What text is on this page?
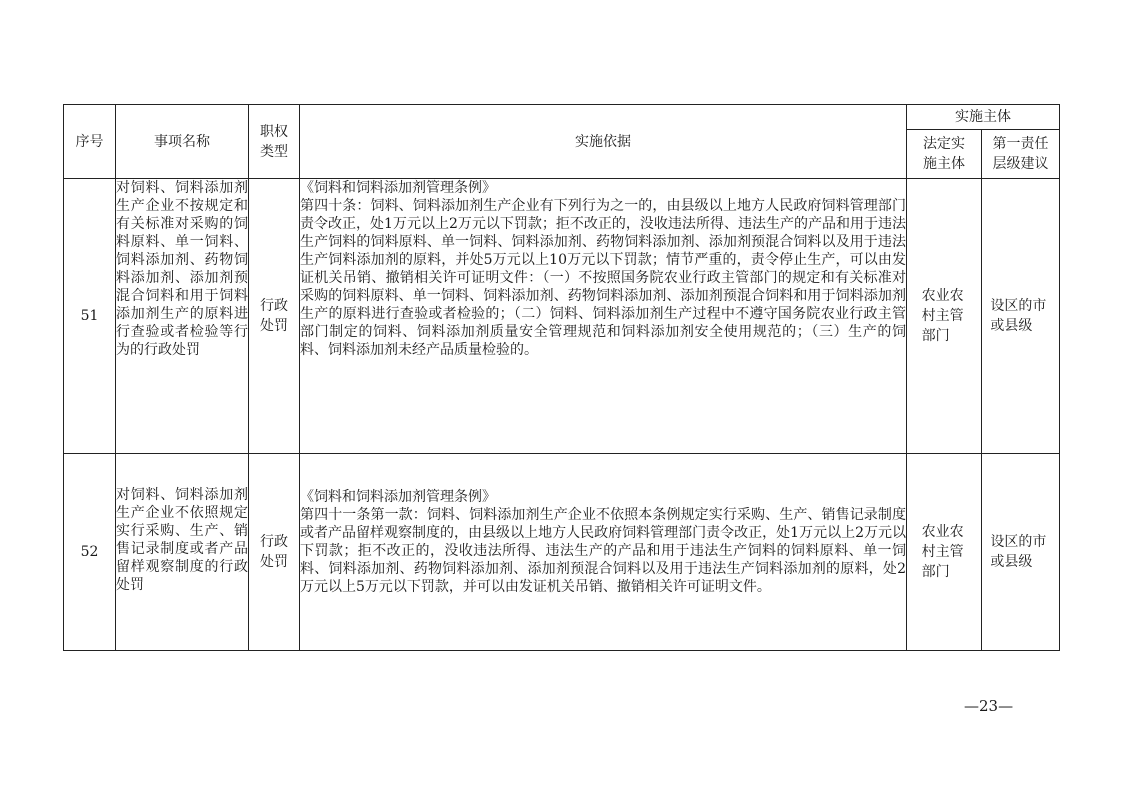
序号	事项名称	职权类型	实施依据	实施主体	
				法定实施主体	第一责任层级建议
51	对饲料、饲料添加剂生产企业不按规定和有关标准对采购的饲料原料、单一饲料、饲料添加剂、药物饲料添加剂、添加剂预混合饲料和用于饲料添加剂生产的原料进行查验或者检验等行为的行政处罚	行政处罚	《饲料和饲料添加剂管理条例》
第四十条：饲料、饲料添加剂生产企业有下列行为之一的，由县级以上地方人民政府饲料管理部门责令改正，处1万元以上2万元以下罚款；拒不改正的，没收违法所得、违法生产的产品和用于违法生产饲料的饲料原料、单一饲料、饲料添加剂、药物饲料添加剂、添加剂预混合饲料以及用于违法生产饲料添加剂的原料，并处5万元以上10万元以下罚款；情节严重的，责令停止生产，可以由发证机关吊销、撤销相关许可证明文件：（一）不按照国务院农业行政主管部门的规定和有关标准对采购的饲料原料、单一饲料、饲料添加剂、药物饲料添加剂、添加剂预混合饲料和用于饲料添加剂生产的原料进行查验或者检验的；（二）饲料、饲料添加剂生产过程中不遵守国务院农业行政主管部门制定的饲料、饲料添加剂质量安全管理规范和饲料添加剂安全使用规范的；（三）生产的饲料、饲料添加剂未经产品质量检验的。	农业农村主管部门	设区的市或县级
52	对饲料、饲料添加剂生产企业不依照规定实行采购、生产、销售记录制度或者产品留样观察制度的行政处罚	行政处罚	《饲料和饲料添加剂管理条例》
第四十一条第一款：饲料、饲料添加剂生产企业不依照本条例规定实行采购、生产、销售记录制度或者产品留样观察制度的，由县级以上地方人民政府饲料管理部门责令改正，处1万元以上2万元以下罚款；拒不改正的，没收违法所得、违法生产的产品和用于违法生产饲料的饲料原料、单一饲料、饲料添加剂、药物饲料添加剂、添加剂预混合饲料以及用于违法生产饲料添加剂的原料，处2万元以上5万元以下罚款，并可以由发证机关吊销、撤销相关许可证明文件。	农业农村主管部门	设区的市或县级
—23—
